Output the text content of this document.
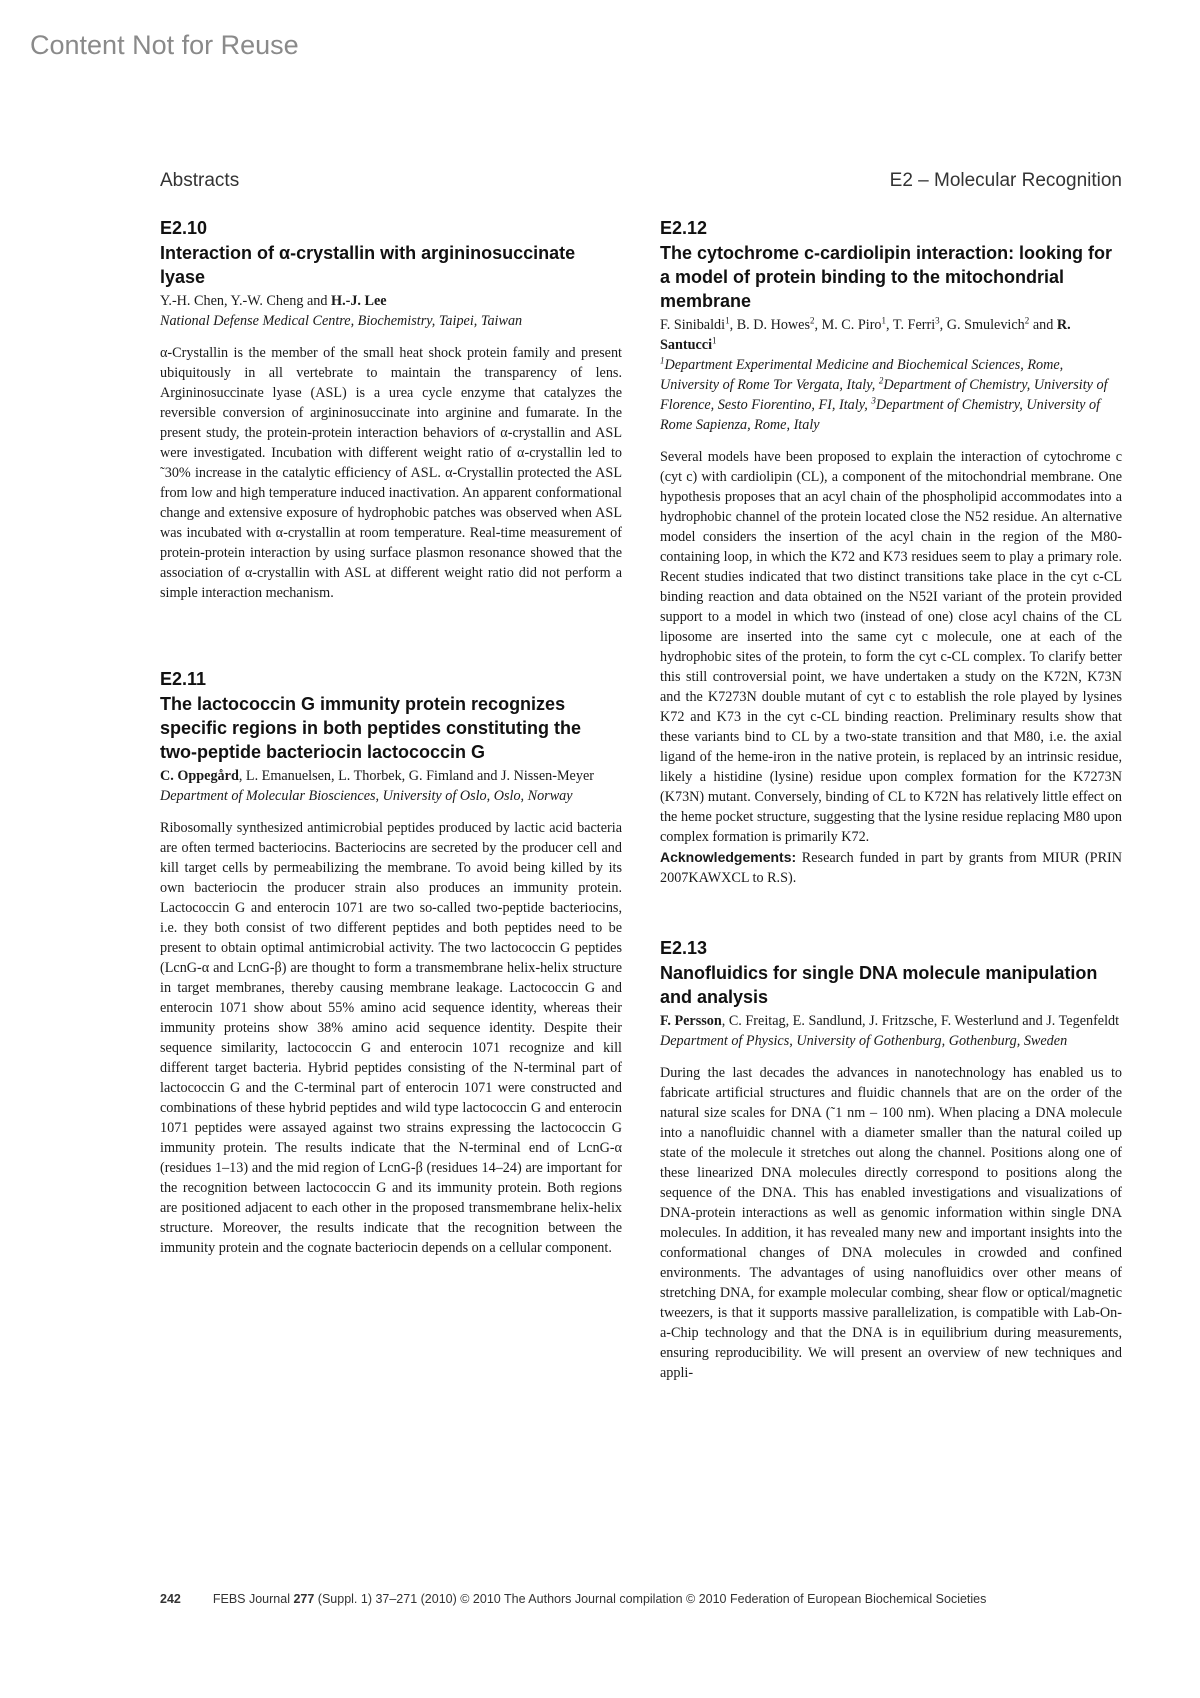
Content Not for Reuse
Abstracts	E2 – Molecular Recognition

E2.10

Interaction of α-crystallin with argininosuccinate lyase

Y.-H. Chen, Y.-W. Cheng and H.-J. Lee

National Defense Medical Centre, Biochemistry, Taipei, Taiwan

α-Crystallin is the member of the small heat shock protein family and present ubiquitously in all vertebrate to maintain the transparency of lens. Argininosuccinate lyase (ASL) is a urea cycle enzyme that catalyzes the reversible conversion of argininosuccinate into arginine and fumarate. In the present study, the protein-protein interaction behaviors of α-crystallin and ASL were investigated. Incubation with different weight ratio of α-crystallin led to ˜30% increase in the catalytic efficiency of ASL. α-Crystallin protected the ASL from low and high temperature induced inactivation. An apparent conformational change and extensive exposure of hydrophobic patches was observed when ASL was incubated with α-crystallin at room temperature. Real-time measurement of protein-protein interaction by using surface plasmon resonance showed that the association of α-crystallin with ASL at different weight ratio did not perform a simple interaction mechanism.

E2.11

The lactococcin G immunity protein recognizes specific regions in both peptides constituting the two-peptide bacteriocin lactococcin G

C. Oppegård, L. Emanuelsen, L. Thorbek, G. Fimland and J. Nissen-Meyer

Department of Molecular Biosciences, University of Oslo, Oslo, Norway

Ribosomally synthesized antimicrobial peptides produced by lactic acid bacteria are often termed bacteriocins. Bacteriocins are secreted by the producer cell and kill target cells by permeabilizing the membrane. To avoid being killed by its own bacteriocin the producer strain also produces an immunity protein. Lactococcin G and enterocin 1071 are two so-called two-peptide bacteriocins, i.e. they both consist of two different peptides and both peptides need to be present to obtain optimal antimicrobial activity. The two lactococcin G peptides (LcnG-α and LcnG-β) are thought to form a transmembrane helix-helix structure in target membranes, thereby causing membrane leakage. Lactococcin G and enterocin 1071 show about 55% amino acid sequence identity, whereas their immunity proteins show 38% amino acid sequence identity. Despite their sequence similarity, lactococcin G and enterocin 1071 recognize and kill different target bacteria. Hybrid peptides consisting of the N-terminal part of lactococcin G and the C-terminal part of enterocin 1071 were constructed and combinations of these hybrid peptides and wild type lactococcin G and enterocin 1071 peptides were assayed against two strains expressing the lactococcin G immunity protein. The results indicate that the N-terminal end of LcnG-α (residues 1–13) and the mid region of LcnG-β (residues 14–24) are important for the recognition between lactococcin G and its immunity protein. Both regions are positioned adjacent to each other in the proposed transmembrane helix-helix structure. Moreover, the results indicate that the recognition between the immunity protein and the cognate bacteriocin depends on a cellular component.

E2.12

The cytochrome c-cardiolipin interaction: looking for a model of protein binding to the mitochondrial membrane

F. Sinibaldi$^1$, B. D. Howes$^2$, M. C. Piro$^1$, T. Ferri$^3$, G. Smulevich$^2$ and R. Santucci$^1$

$^1$Department Experimental Medicine and Biochemical Sciences, Rome, University of Rome Tor Vergata, Italy, $^2$Department of Chemistry, University of Florence, Sesto Fiorentino, FI, Italy, $^3$Department of Chemistry, University of Rome Sapienza, Rome, Italy

Several models have been proposed to explain the interaction of cytochrome c (cyt c) with cardiolipin (CL), a component of the mitochondrial membrane. One hypothesis proposes that an acyl chain of the phospholipid accommodates into a hydrophobic channel of the protein located close the N52 residue. An alternative model considers the insertion of the acyl chain in the region of the M80-containing loop, in which the K72 and K73 residues seem to play a primary role. Recent studies indicated that two distinct transitions take place in the cyt c-CL binding reaction and data obtained on the N52I variant of the protein provided support to a model in which two (instead of one) close acyl chains of the CL liposome are inserted into the same cyt c molecule, one at each of the hydrophobic sites of the protein, to form the cyt c-CL complex. To clarify better this still controversial point, we have undertaken a study on the K72N, K73N and the K7273N double mutant of cyt c to establish the role played by lysines K72 and K73 in the cyt c-CL binding reaction. Preliminary results show that these variants bind to CL by a two-state transition and that M80, i.e. the axial ligand of the heme-iron in the native protein, is replaced by an intrinsic residue, likely a histidine (lysine) residue upon complex formation for the K7273N (K73N) mutant. Conversely, binding of CL to K72N has relatively little effect on the heme pocket structure, suggesting that the lysine residue replacing M80 upon complex formation is primarily K72.

Acknowledgements: Research funded in part by grants from MIUR (PRIN 2007KAWXCL to R.S).

E2.13

Nanofluidics for single DNA molecule manipulation and analysis

F. Persson, C. Freitag, E. Sandlund, J. Fritzsche, F. Westerlund and J. Tegenfeldt

Department of Physics, University of Gothenburg, Gothenburg, Sweden

During the last decades the advances in nanotechnology has enabled us to fabricate artificial structures and fluidic channels that are on the order of the natural size scales for DNA (˜1 nm – 100 nm). When placing a DNA molecule into a nanofluidic channel with a diameter smaller than the natural coiled up state of the molecule it stretches out along the channel. Positions along one of these linearized DNA molecules directly correspond to positions along the sequence of the DNA. This has enabled investigations and visualizations of DNA-protein interactions as well as genomic information within single DNA molecules. In addition, it has revealed many new and important insights into the conformational changes of DNA molecules in crowded and confined environments. The advantages of using nanofluidics over other means of stretching DNA, for example molecular combing, shear flow or optical/magnetic tweezers, is that it supports massive parallelization, is compatible with Lab-On-a-Chip technology and that the DNA is in equilibrium during measurements, ensuring reproducibility. We will present an overview of new techniques and appli-

242	FEBS Journal 277 (Suppl. 1) 37–271 (2010) © 2010 The Authors Journal compilation © 2010 Federation of European Biochemical Societies
